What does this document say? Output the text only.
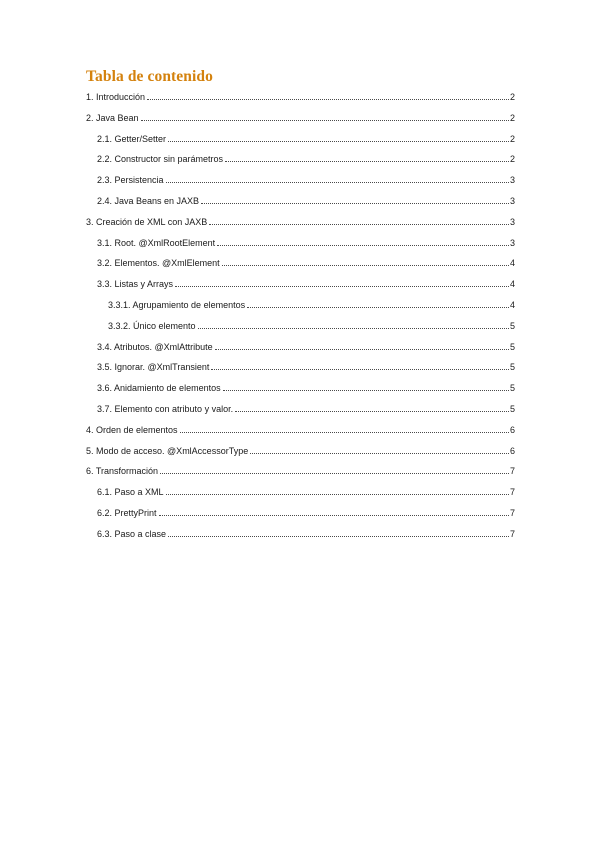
Tabla de contenido
1. Introducción	2
2. Java Bean	2
2.1. Getter/Setter	2
2.2. Constructor sin parámetros	2
2.3. Persistencia	3
2.4. Java Beans en JAXB	3
3. Creación de XML con JAXB	3
3.1. Root. @XmlRootElement	3
3.2. Elementos. @XmlElement	4
3.3. Listas y Arrays	4
3.3.1. Agrupamiento de elementos	4
3.3.2. Único elemento	5
3.4. Atributos. @XmlAttribute	5
3.5. Ignorar. @XmlTransient	5
3.6. Anidamiento de elementos	5
3.7. Elemento con atributo y valor.	5
4. Orden de elementos	6
5. Modo de acceso. @XmlAccessorType	6
6. Transformación	7
6.1. Paso a XML	7
6.2. PrettyPrint	7
6.3. Paso a clase	7
